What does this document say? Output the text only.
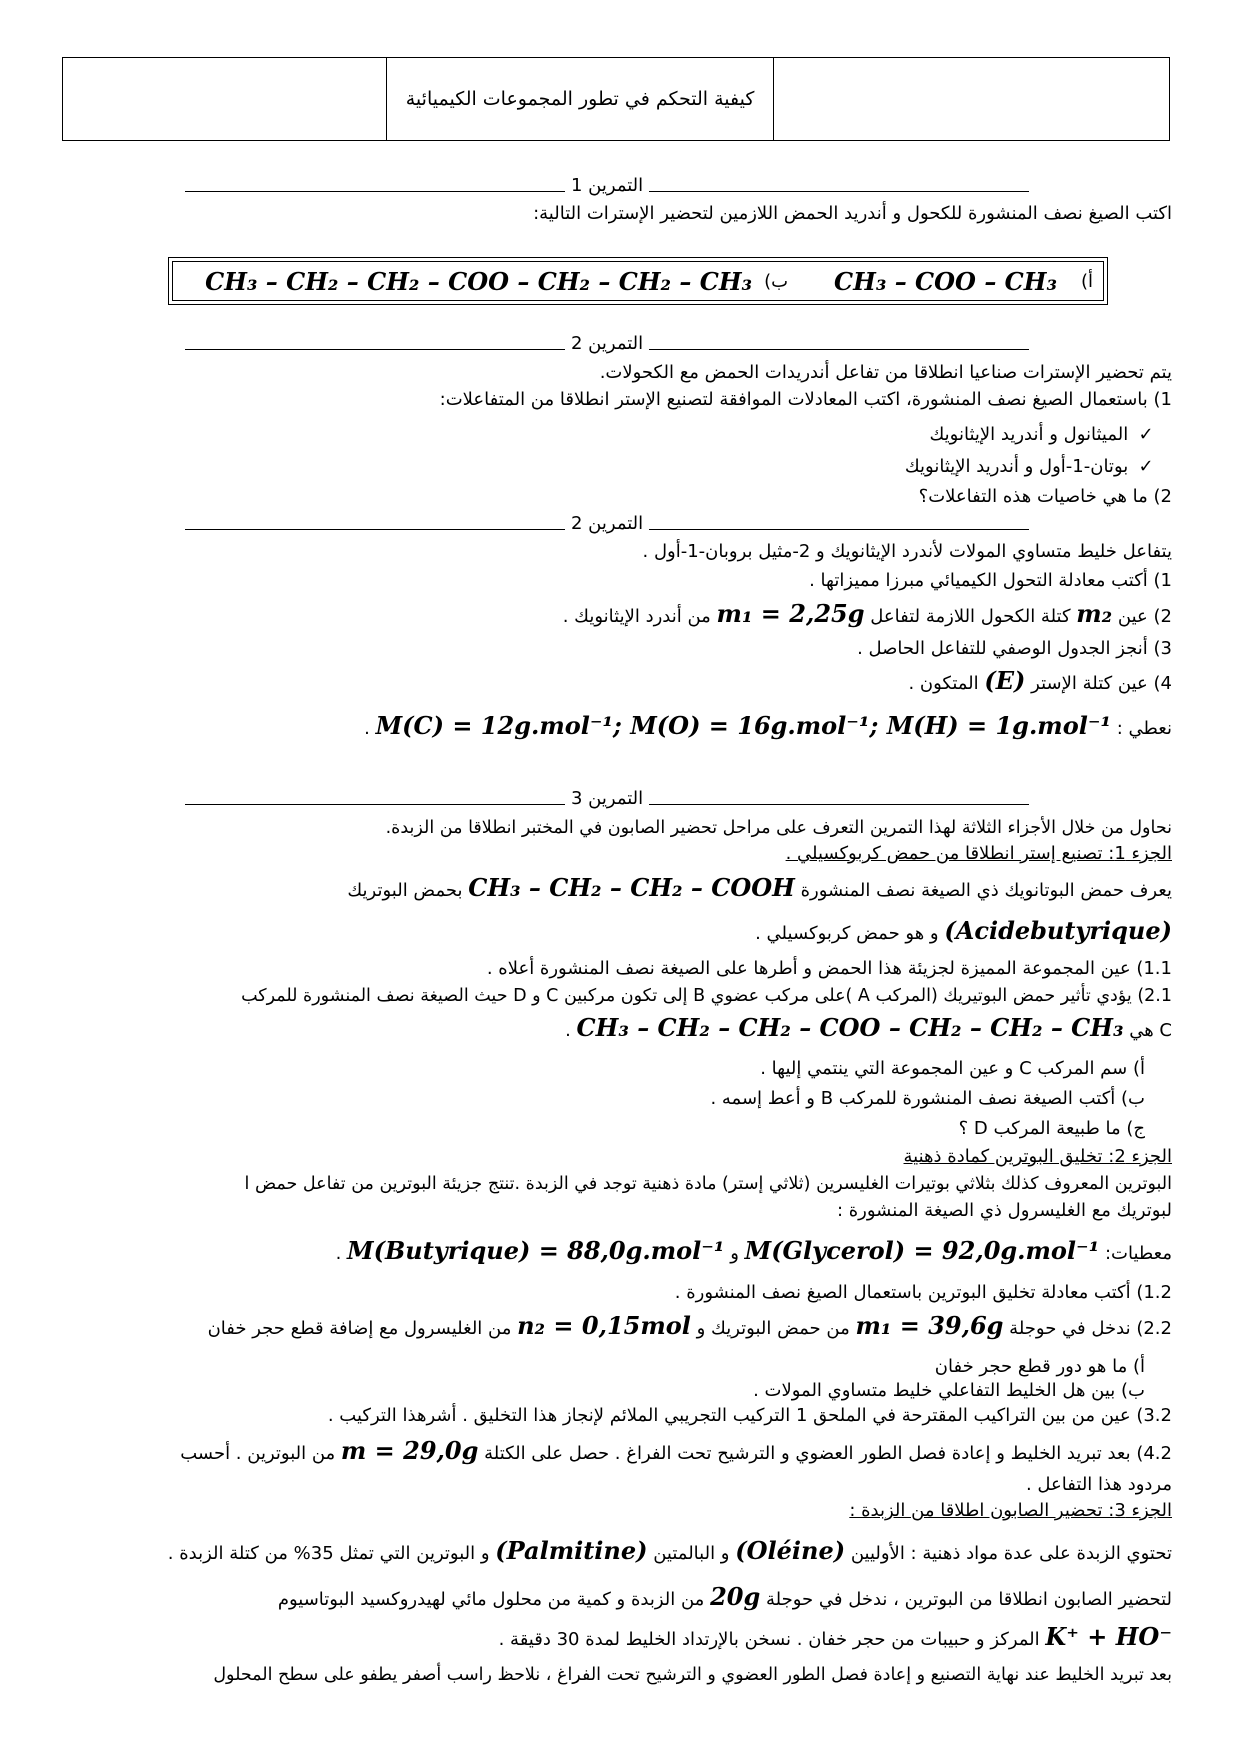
كيفية التحكم في تطور المجموعات الكيميائية
التمرين 1
اكتب الصيغ نصف المنشورة للكحول و أندريد الحمض اللازمين لتحضير الإسترات التالية:
أ)
CH₃ – COO – CH₃
ب)
CH₃ – CH₂ – CH₂ – COO – CH₂ – CH₂ – CH₃
التمرين 2
يتم تحضير الإسترات صناعيا انطلاقا من تفاعل أندريدات الحمض مع الكحولات.
1) باستعمال الصيغ نصف المنشورة، اكتب المعادلات الموافقة لتصنيع الإستر انطلاقا من المتفاعلات:
✓ الميثانول و أندريد الإيثانويك
✓ بوتان-1-أول و أندريد الإيثانويك
2) ما هي خاصيات هذه التفاعلات؟
التمرين 2
يتفاعل خليط متساوي المولات لأندرد الإيثانويك و 2-مثيل بروبان-1-أول .
1) أكتب معادلة التحول الكيميائي مبرزا مميزاتها .
2) عين m₂ كتلة الكحول اللازمة لتفاعل m₁ = 2,25g من أندرد الإيثانويك .
3) أنجز الجدول الوصفي للتفاعل الحاصل .
4) عين كتلة الإستر (E) المتكون .
نعطي : M(C) = 12g.mol⁻¹; M(O) = 16g.mol⁻¹; M(H) = 1g.mol⁻¹ .
التمرين 3
نحاول من خلال الأجزاء الثلاثة لهذا التمرين التعرف على مراحل تحضير الصابون في المختبر انطلاقا من الزبدة.
الجزء 1: تصنيع إستر انطلاقا من حمض كربوكسيلي .
يعرف حمض البوتانويك ذي الصيغة نصف المنشورة CH₃ – CH₂ – CH₂ – COOH بحمض البوتريك
(Acidebutyrique) و هو حمض كربوكسيلي .
1.1) عين المجموعة المميزة لجزيئة هذا الحمض و أطرها على الصيغة نصف المنشورة أعلاه .
2.1) يؤدي تأثير حمض البوتيريك (المركب A )على مركب عضوي B إلى تكون مركبين C و D حيث الصيغة نصف المنشورة للمركب
C هي CH₃ – CH₂ – CH₂ – COO – CH₂ – CH₂ – CH₃ .
أ) سم المركب C و عين المجموعة التي ينتمي إليها .
ب) أكتب الصيغة نصف المنشورة للمركب B و أعط إسمه .
ج) ما طبيعة المركب D ؟
الجزء 2: تخليق البوترين كمادة ذهنية
البوترين المعروف كذلك بثلاثي بوتيرات الغليسرين (ثلاثي إستر) مادة ذهنية توجد في الزبدة .تنتج جزيئة البوترين من تفاعل حمض ا
لبوتريك مع الغليسرول ذي الصيغة المنشورة :
معطيات: M(Glycerol) = 92,0g.mol⁻¹ و M(Butyrique) = 88,0g.mol⁻¹ .
1.2) أكتب معادلة تخليق البوترين باستعمال الصيغ نصف المنشورة .
2.2) ندخل في حوجلة m₁ = 39,6g من حمض البوتريك و n₂ = 0,15mol من الغليسرول مع إضافة قطع حجر خفان
أ) ما هو دور قطع حجر خفان
ب) بين هل الخليط التفاعلي خليط متساوي المولات .
3.2) عين من بين التراكيب المقترحة في الملحق 1 التركيب التجريبي الملائم لإنجاز هذا التخليق . أشرهذا التركيب .
4.2) بعد تبريد الخليط و إعادة فصل الطور العضوي و الترشيح تحت الفراغ . حصل على الكتلة m = 29,0g من البوترين . أحسب
مردود هذا التفاعل .
الجزء 3: تحضير الصابون اطلاقا من الزبدة :
تحتوي الزبدة على عدة مواد ذهنية : الأوليين (Oléine) و البالمتين (Palmitine) و البوترين التي تمثل 35% من كتلة الزبدة .
لتحضير الصابون انطلاقا من البوترين ، ندخل في حوجلة 20g من الزبدة و كمية من محلول مائي لهيدروكسيد البوتاسيوم
K⁺ + HO⁻ المركز و حبيبات من حجر خفان . نسخن بالإرتداد الخليط لمدة 30 دقيقة .
بعد تبريد الخليط عند نهاية التصنيع و إعادة فصل الطور العضوي و الترشيح تحت الفراغ ، نلاحظ راسب أصفر يطفو على سطح المحلول
